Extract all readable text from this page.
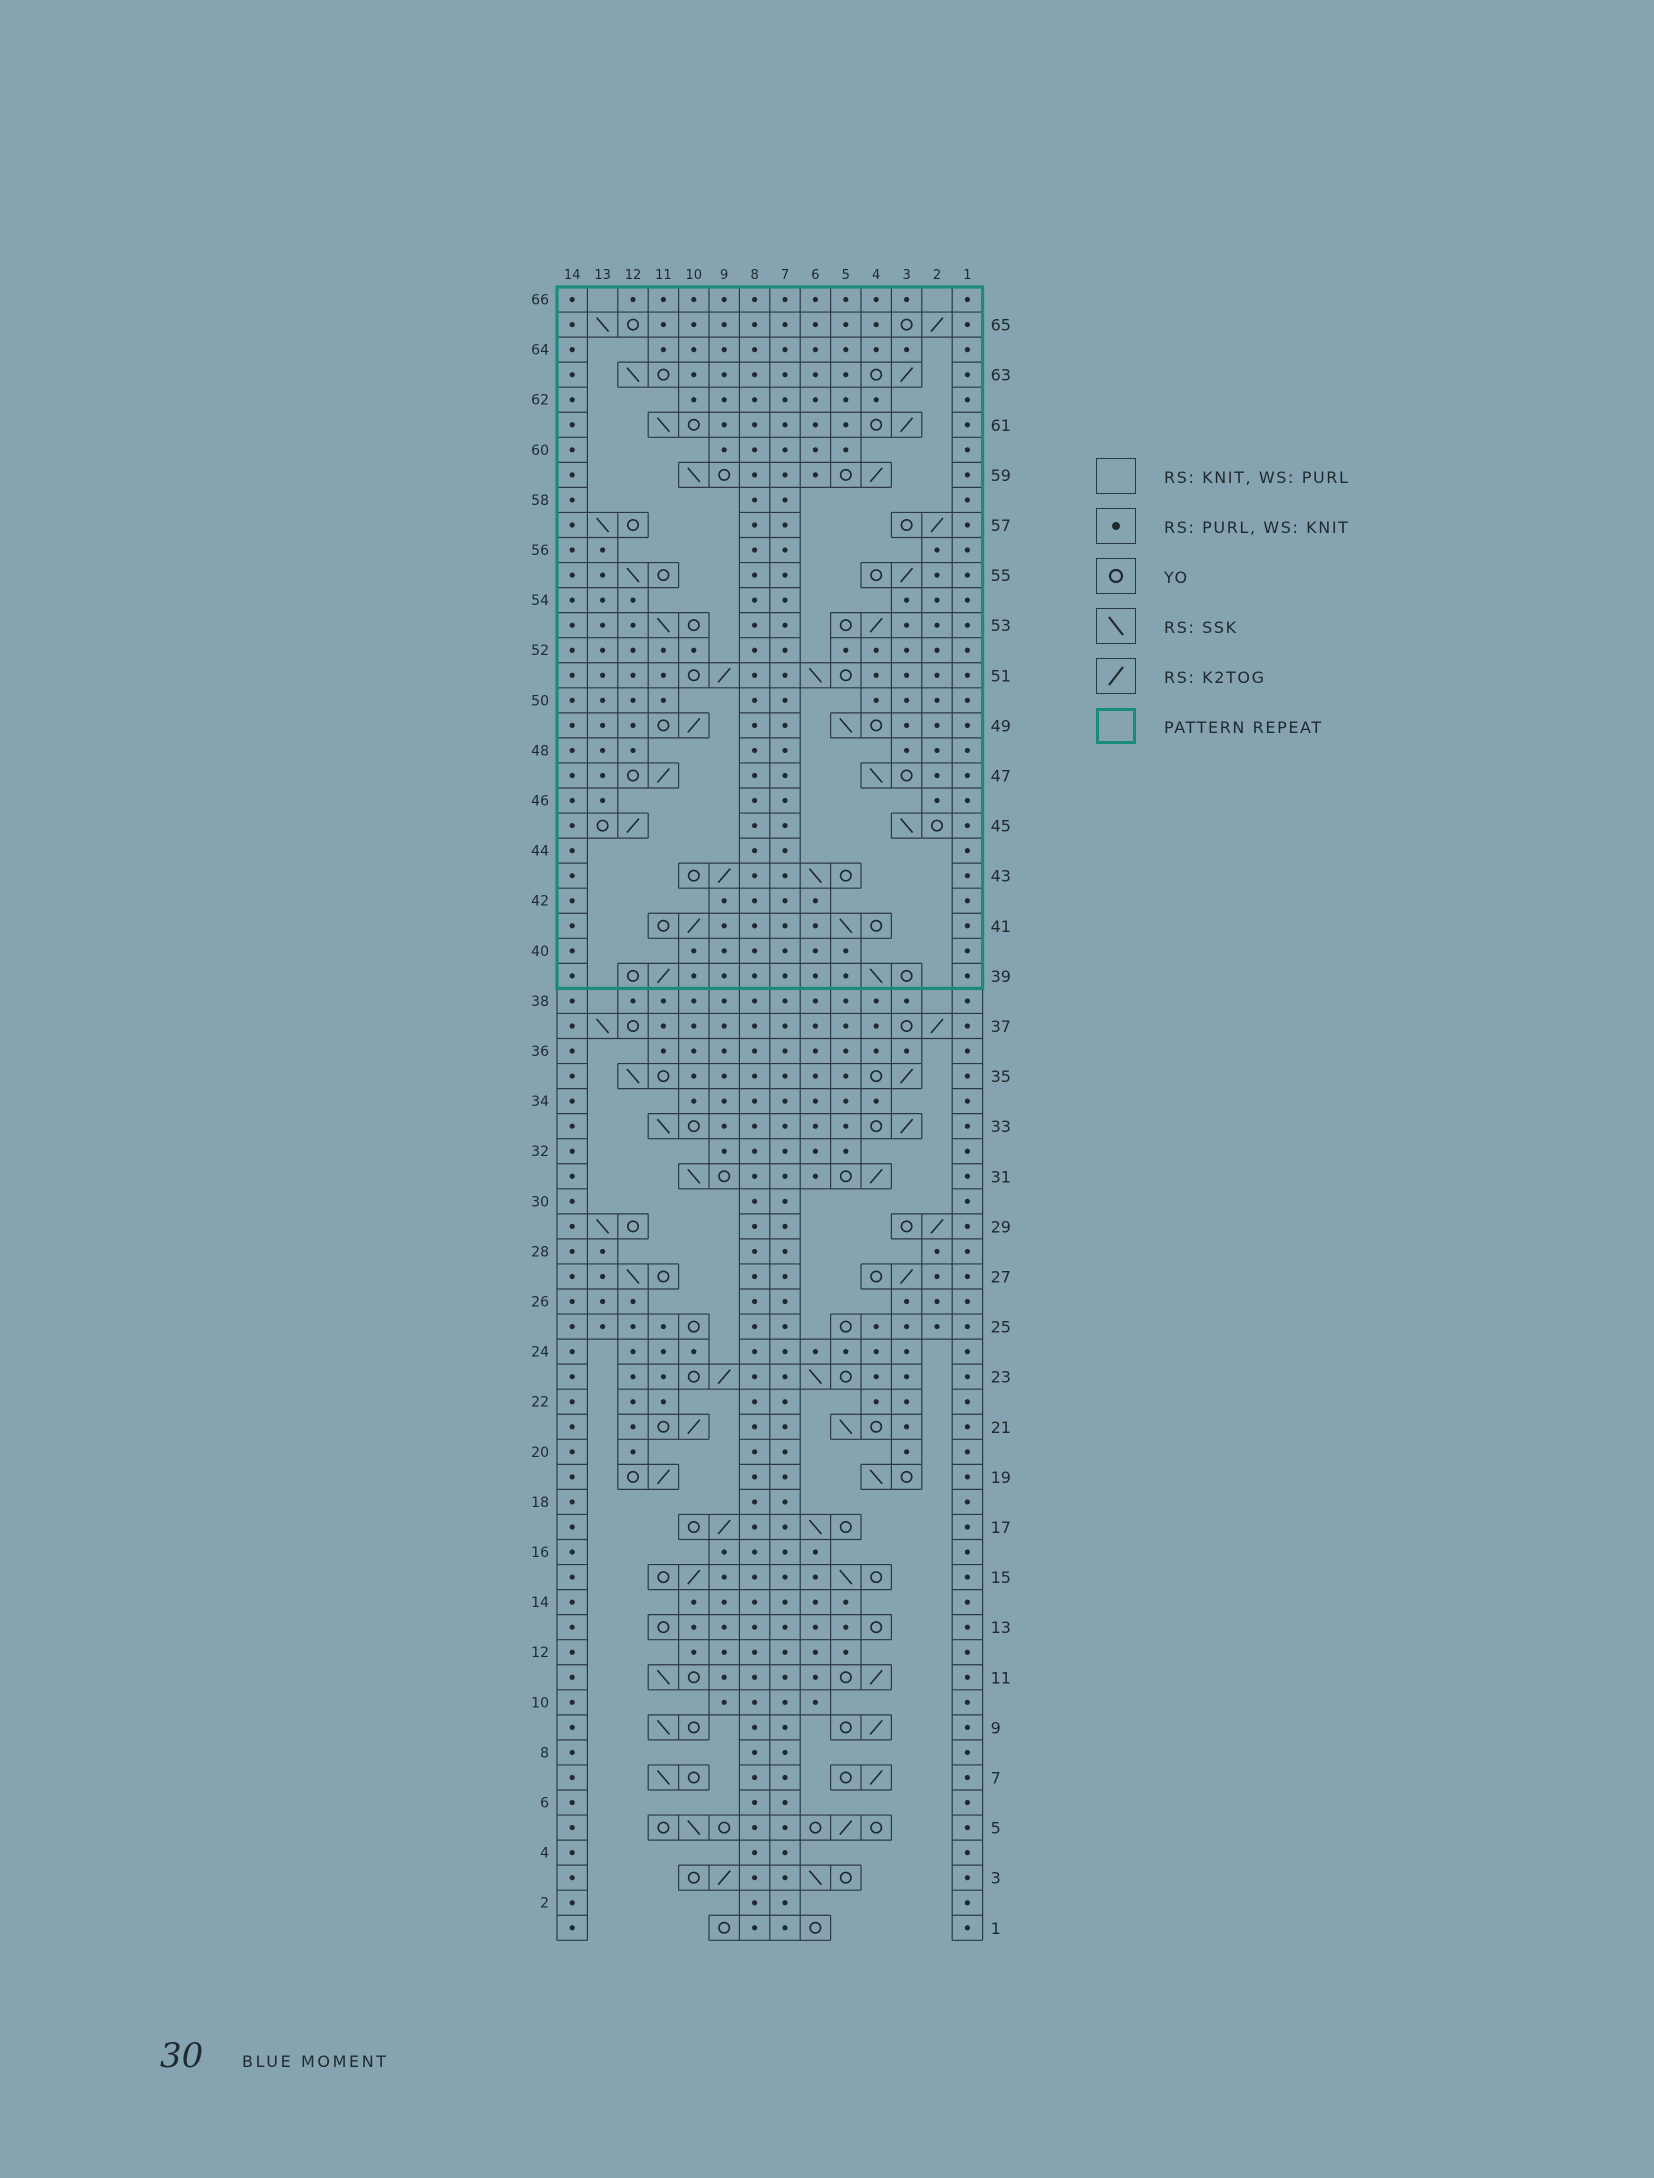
14 13 12 11 10 9 8 7 6 5 4 3 2 1
66
64
62
60
58
56
54
52
50
48
46
44
42
40
38
36
34
32
30
28
26
24
22
20
18
16
14
12
10
8
6
4
2
65
63
61
59
57
55
53
51
49
47
45
43
41
39
37
35
33
31
29
27
25
23
21
19
17
15
13
11
9
7
5
3
1
RS: KNIT, WS: PURL
RS: PURL, WS: KNIT
YO
RS: SSK
RS: K2TOG
PATTERN REPEAT
30 BLUE MOMENT
